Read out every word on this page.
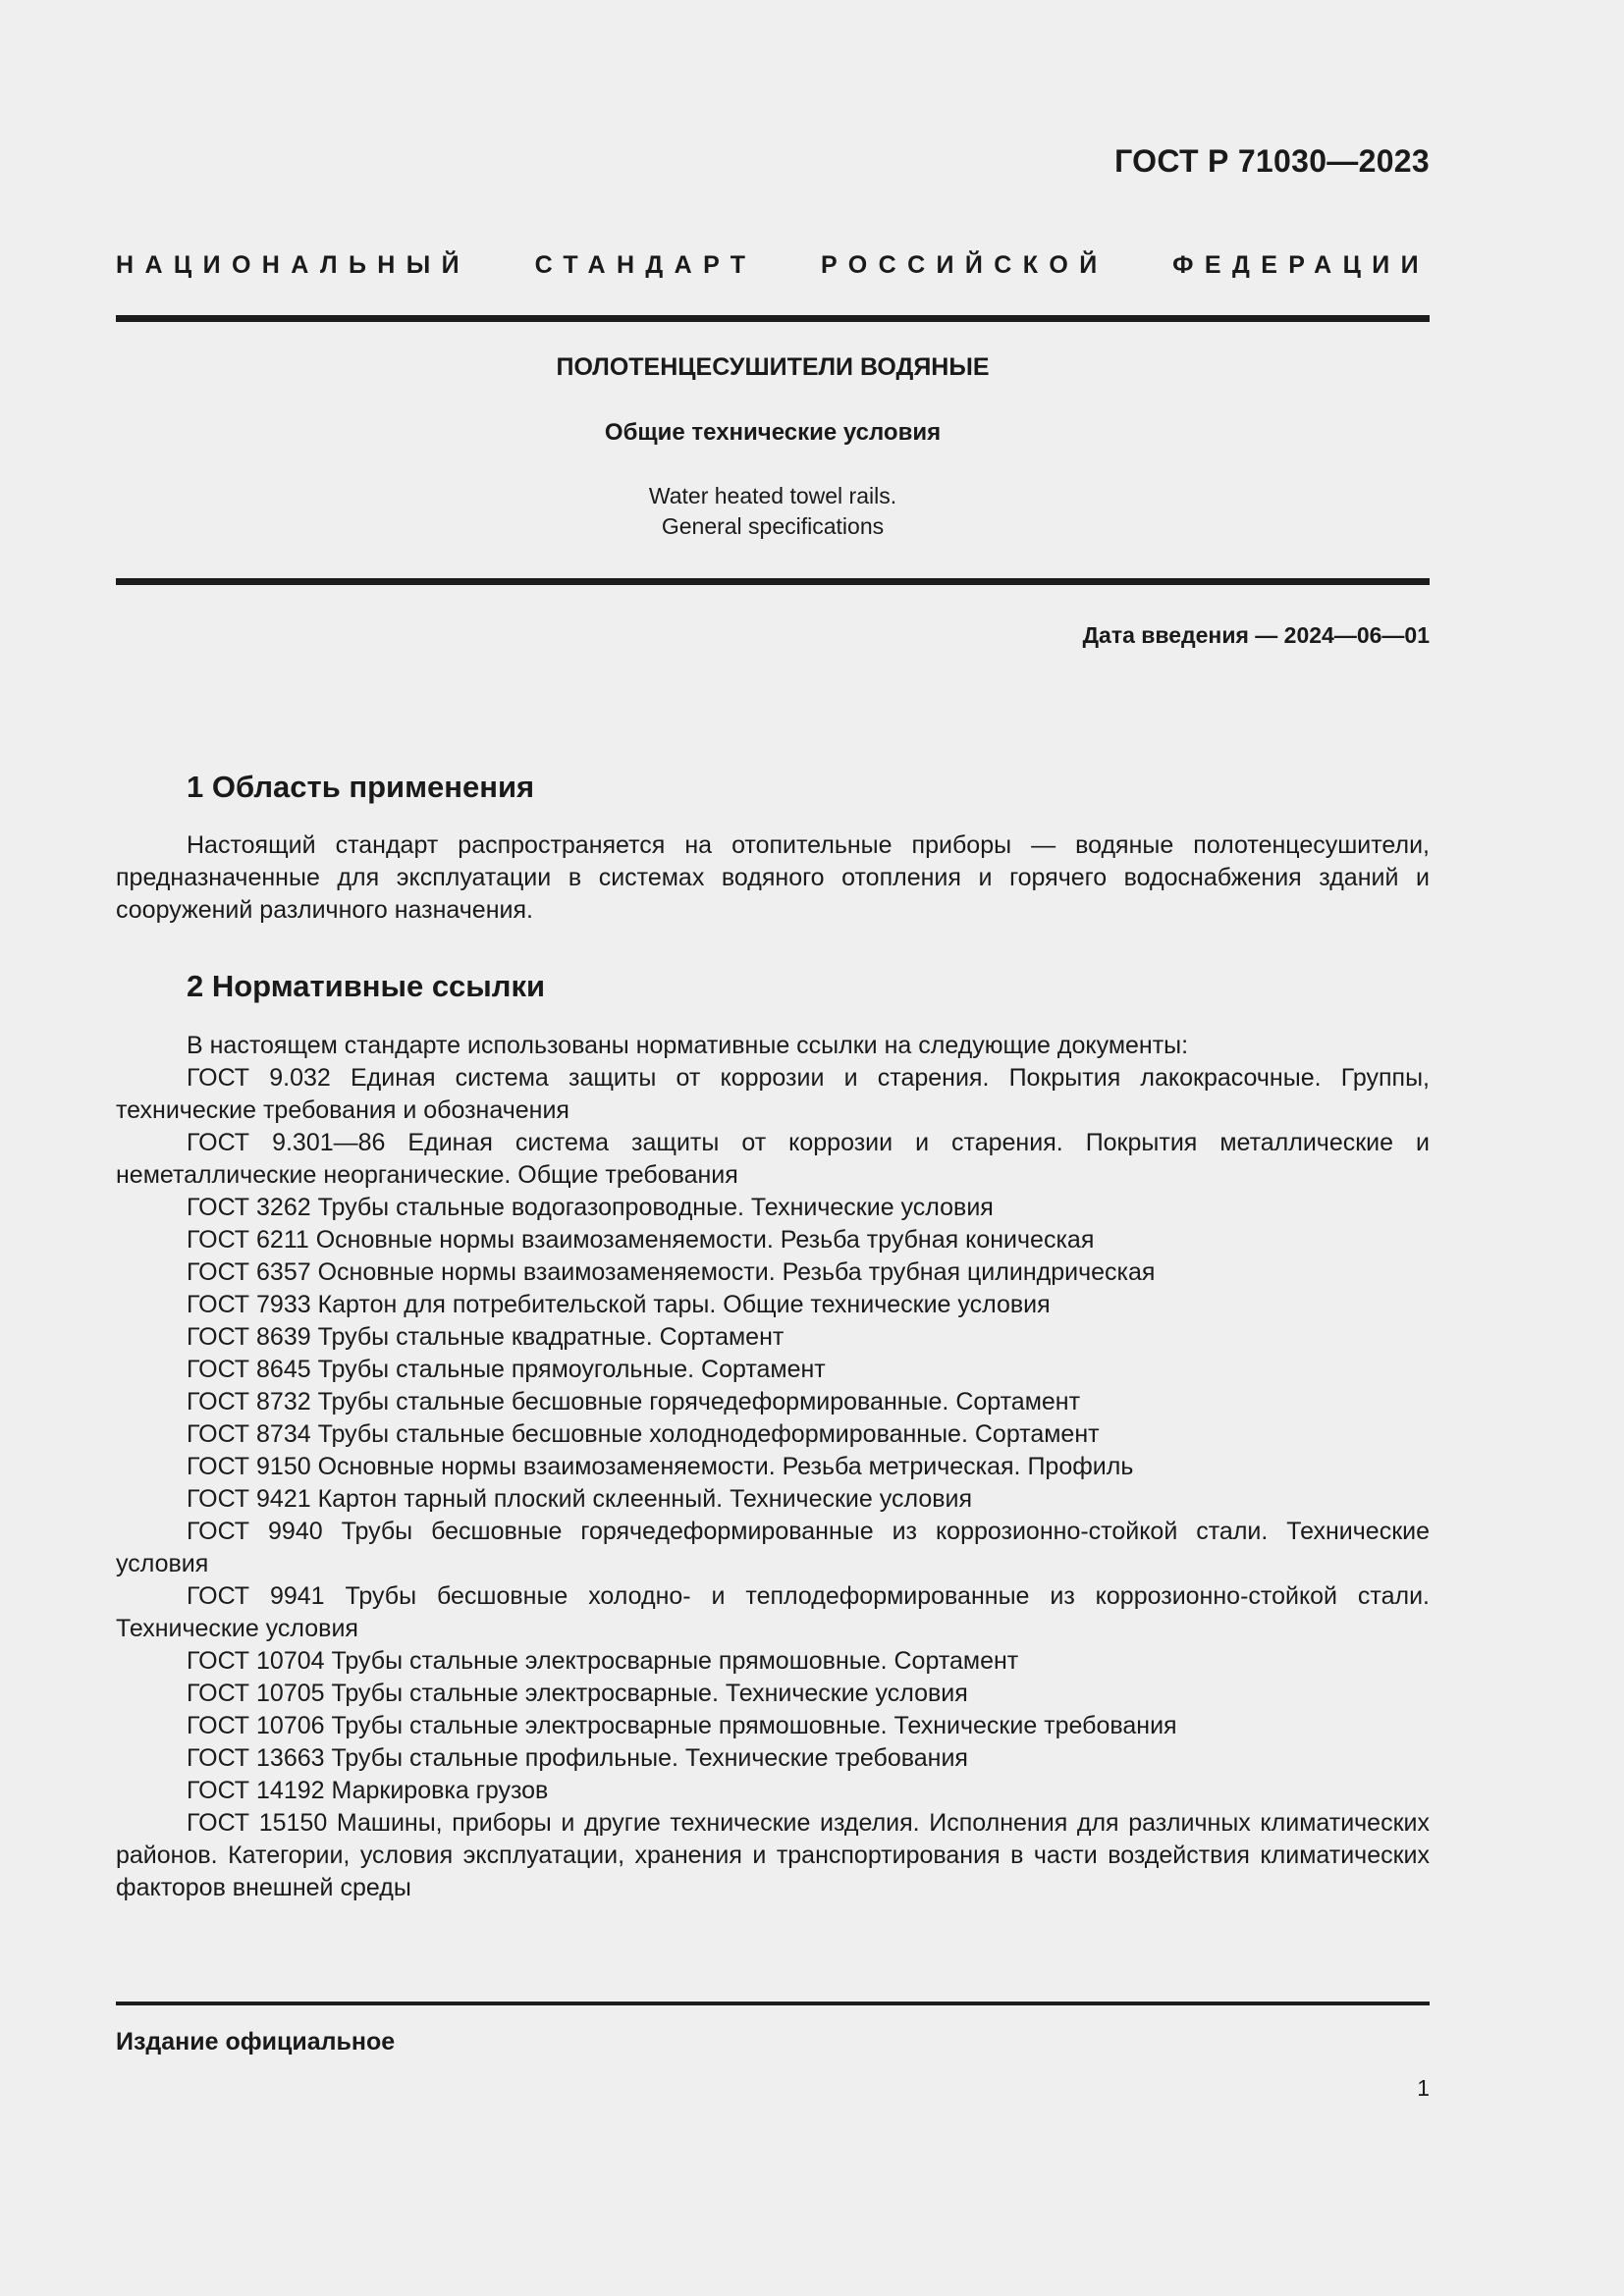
ГОСТ Р 71030—2023
НАЦИОНАЛЬНЫЙ СТАНДАРТ РОССИЙСКОЙ ФЕДЕРАЦИИ
ПОЛОТЕНЦЕСУШИТЕЛИ ВОДЯНЫЕ
Общие технические условия
Water heated towel rails.
General specifications
Дата введения — 2024—06—01
1 Область применения

Настоящий стандарт распространяется на отопительные приборы — водяные полотенцесушители, предназначенные для эксплуатации в системах водяного отопления и горячего водоснабжения зданий и сооружений различного назначения.

2 Нормативные ссылки

В настоящем стандарте использованы нормативные ссылки на следующие документы:

ГОСТ 9.032 Единая система защиты от коррозии и старения. Покрытия лакокрасочные. Группы, технические требования и обозначения

ГОСТ 9.301—86 Единая система защиты от коррозии и старения. Покрытия металлические и неметаллические неорганические. Общие требования

ГОСТ 3262 Трубы стальные водогазопроводные. Технические условия

ГОСТ 6211 Основные нормы взаимозаменяемости. Резьба трубная коническая

ГОСТ 6357 Основные нормы взаимозаменяемости. Резьба трубная цилиндрическая

ГОСТ 7933 Картон для потребительской тары. Общие технические условия

ГОСТ 8639 Трубы стальные квадратные. Сортамент

ГОСТ 8645 Трубы стальные прямоугольные. Сортамент

ГОСТ 8732 Трубы стальные бесшовные горячедеформированные. Сортамент

ГОСТ 8734 Трубы стальные бесшовные холоднодеформированные. Сортамент

ГОСТ 9150 Основные нормы взаимозаменяемости. Резьба метрическая. Профиль

ГОСТ 9421 Картон тарный плоский склеенный. Технические условия

ГОСТ 9940 Трубы бесшовные горячедеформированные из коррозионно-стойкой стали. Технические условия

ГОСТ 9941 Трубы бесшовные холодно- и теплодеформированные из коррозионно-стойкой стали. Технические условия

ГОСТ 10704 Трубы стальные электросварные прямошовные. Сортамент

ГОСТ 10705 Трубы стальные электросварные. Технические условия

ГОСТ 10706 Трубы стальные электросварные прямошовные. Технические требования

ГОСТ 13663 Трубы стальные профильные. Технические требования

ГОСТ 14192 Маркировка грузов

ГОСТ 15150 Машины, приборы и другие технические изделия. Исполнения для различных климатических районов. Категории, условия эксплуатации, хранения и транспортирования в части воздействия климатических факторов внешней среды

Издание официальное
1
